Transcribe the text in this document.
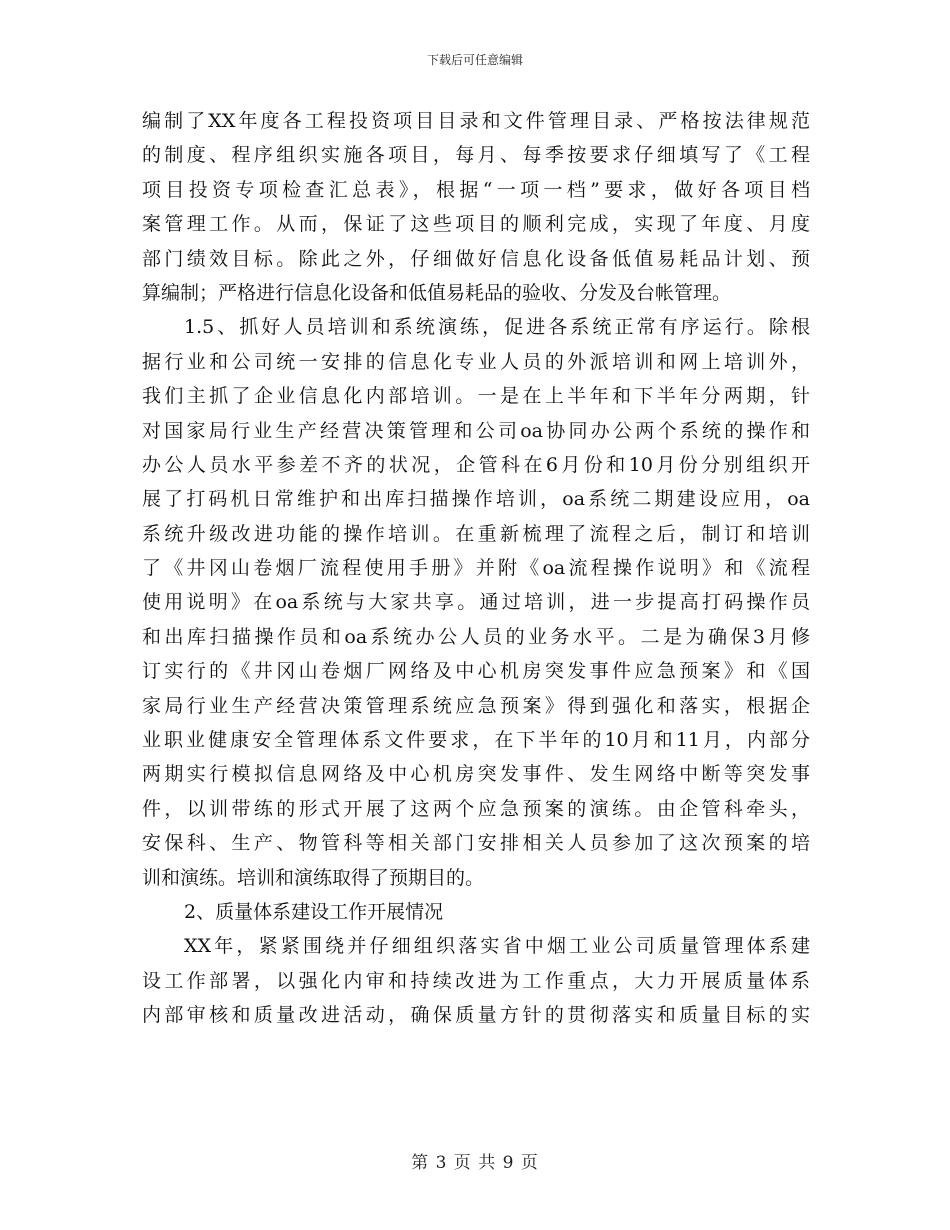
下载后可任意编辑
编制了XX年度各工程投资项目目录和文件管理目录、严格按法律规范
的制度、程序组织实施各项目，每月、每季按要求仔细填写了《工程
项目投资专项检查汇总表》，根据“一项一档”要求，做好各项目档
案管理工作。从而，保证了这些项目的顺利完成，实现了年度、月度
部门绩效目标。除此之外，仔细做好信息化设备低值易耗品计划、预
算编制；严格进行信息化设备和低值易耗品的验收、分发及台帐管理。
1.5、抓好人员培训和系统演练，促进各系统正常有序运行。除根
据行业和公司统一安排的信息化专业人员的外派培训和网上培训外，
我们主抓了企业信息化内部培训。一是在上半年和下半年分两期，针
对国家局行业生产经营决策管理和公司oa协同办公两个系统的操作和
办公人员水平参差不齐的状况，企管科在6月份和10月份分别组织开
展了打码机日常维护和出库扫描操作培训，oa系统二期建设应用，oa
系统升级改进功能的操作培训。在重新梳理了流程之后，制订和培训
了《井冈山卷烟厂流程使用手册》并附《oa流程操作说明》和《流程
使用说明》在oa系统与大家共享。通过培训，进一步提高打码操作员
和出库扫描操作员和oa系统办公人员的业务水平。二是为确保3月修
订实行的《井冈山卷烟厂网络及中心机房突发事件应急预案》和《国
家局行业生产经营决策管理系统应急预案》得到强化和落实，根据企
业职业健康安全管理体系文件要求，在下半年的10月和11月，内部分
两期实行模拟信息网络及中心机房突发事件、发生网络中断等突发事
件，以训带练的形式开展了这两个应急预案的演练。由企管科牵头，
安保科、生产、物管科等相关部门安排相关人员参加了这次预案的培
训和演练。培训和演练取得了预期目的。
2、质量体系建设工作开展情况
XX年，紧紧围绕并仔细组织落实省中烟工业公司质量管理体系建
设工作部署，以强化内审和持续改进为工作重点，大力开展质量体系
内部审核和质量改进活动，确保质量方针的贯彻落实和质量目标的实
第 3 页 共 9 页
